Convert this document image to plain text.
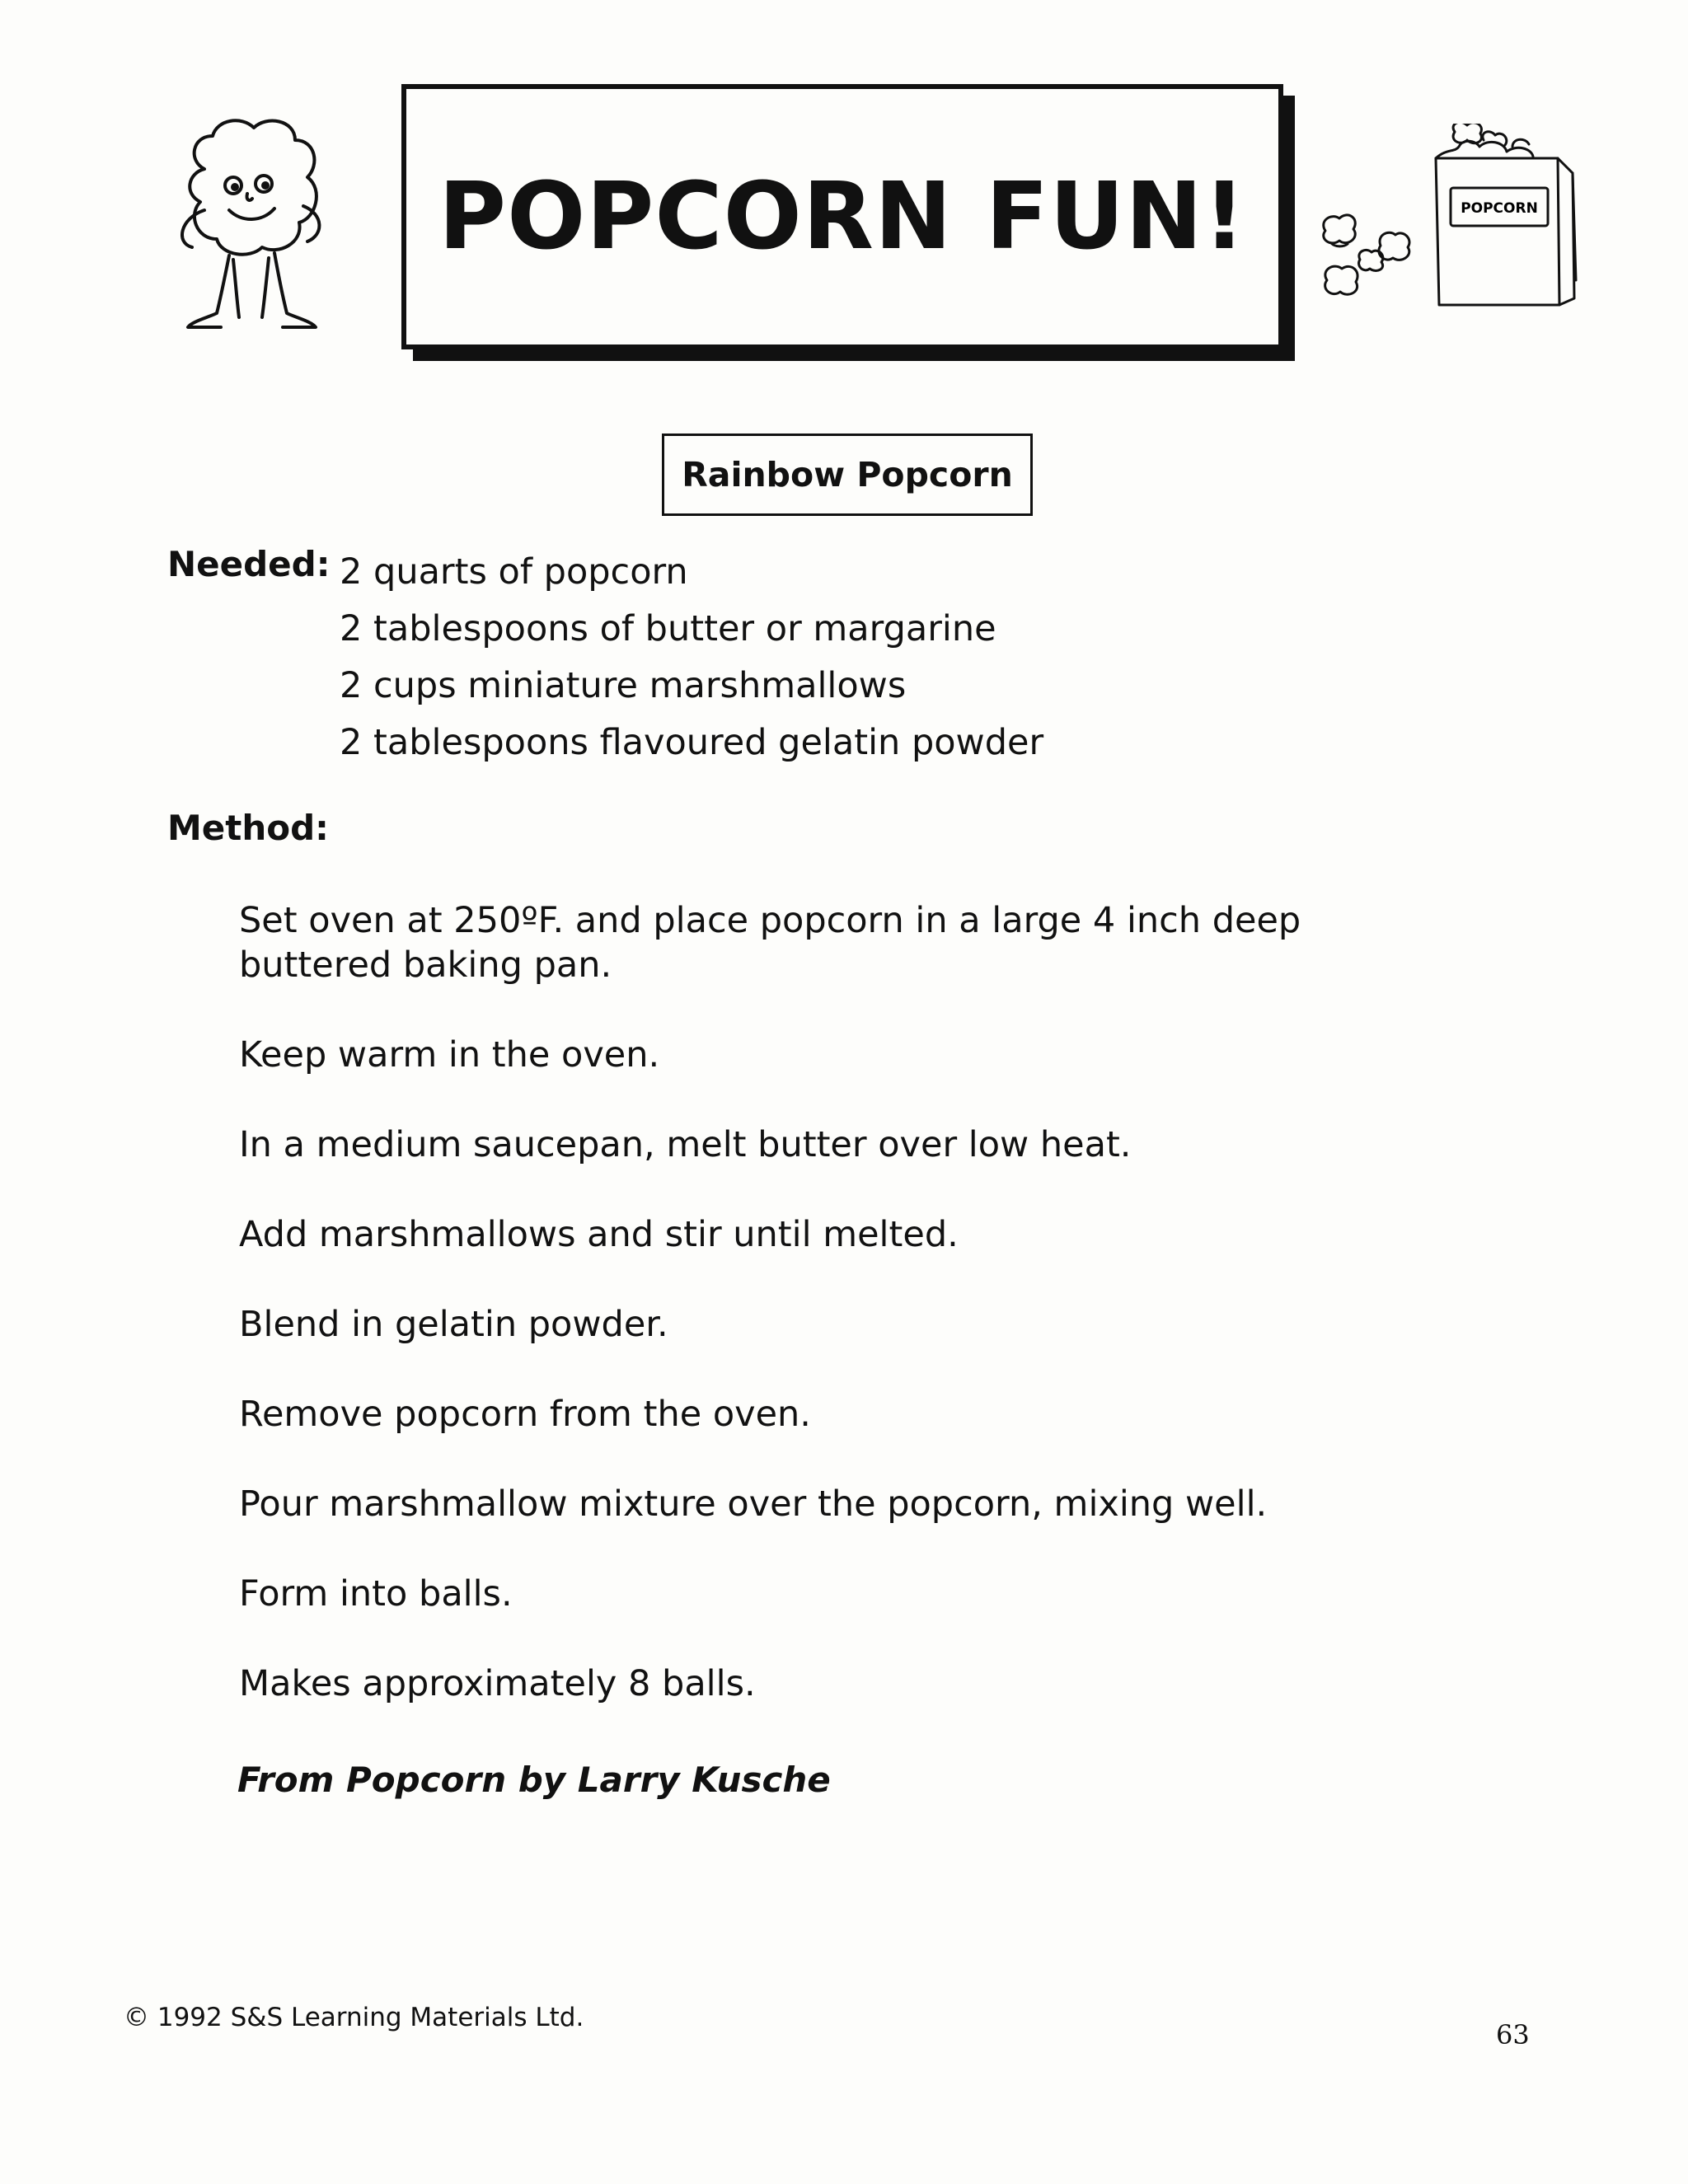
POPCORN FUN!	POPCORN
Rainbow Popcorn
Needed: 2 quarts of popcorn
2 tablespoons of butter or margarine
2 cups miniature marshmallows
2 tablespoons flavoured gelatin powder
Method:
Set oven at 250ºF. and place popcorn in a large 4 inch deep buttered baking pan.
Keep warm in the oven.
In a medium saucepan, melt butter over low heat.
Add marshmallows and stir until melted.
Blend in gelatin powder.
Remove popcorn from the oven.
Pour marshmallow mixture over the popcorn, mixing well.
Form into balls.
Makes approximately 8 balls.
From Popcorn by Larry Kusche
© 1992 S&S Learning Materials Ltd.
63
